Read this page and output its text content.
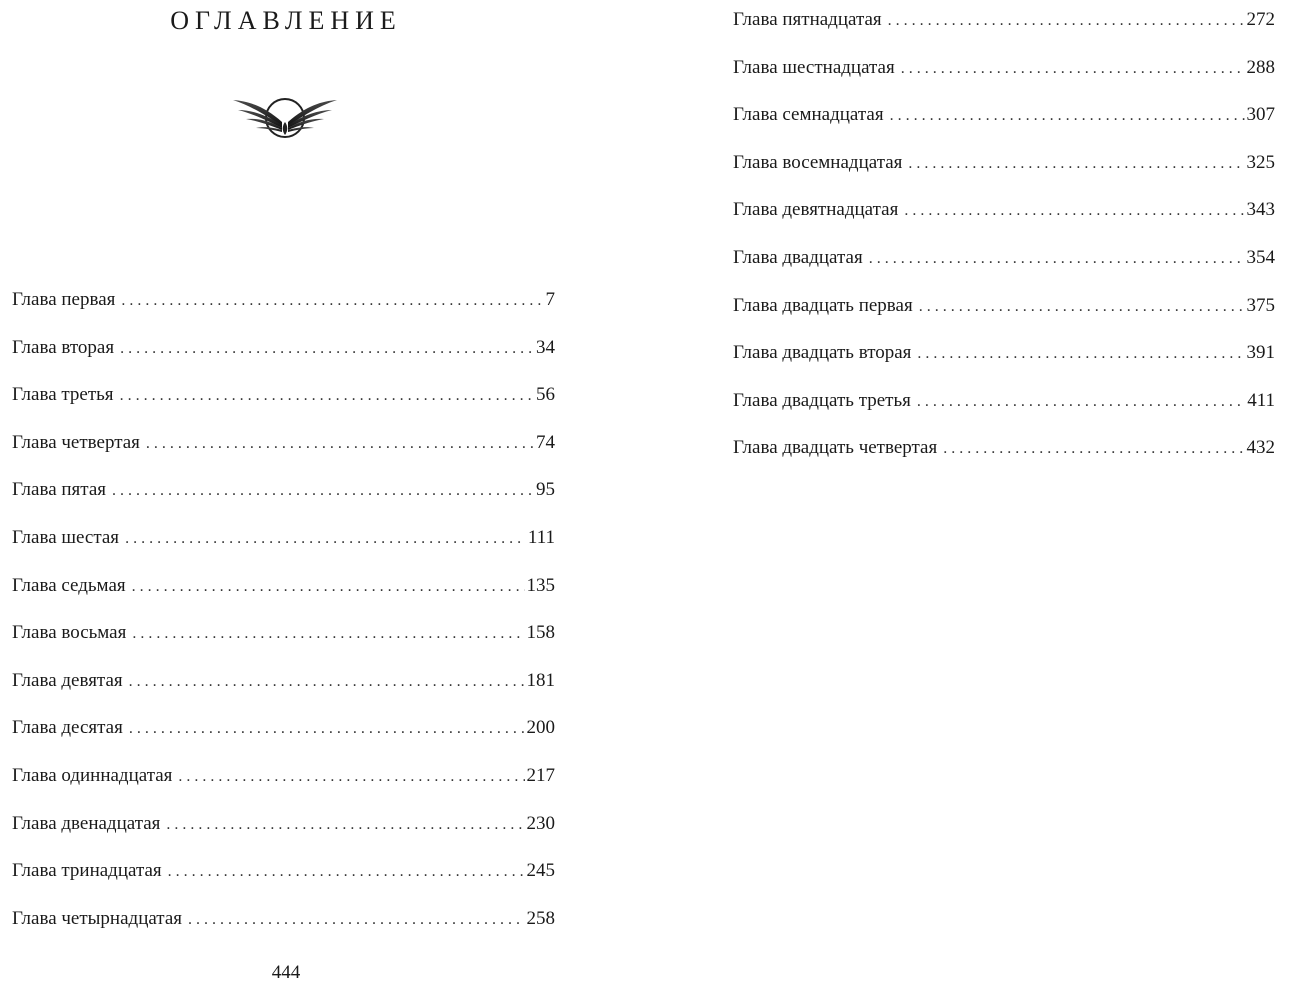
ОГЛАВЛЕНИЕ
Глава первая . . .	7
Глава вторая . . .	34
Глава третья . . .	56
Глава четвертая . . .	74
Глава пятая . . .	95
Глава шестая . . .	111
Глава седьмая . . .	135
Глава восьмая . . .	158
Глава девятая . . .	181
Глава десятая . . .	200
Глава одиннадцатая . . .	217
Глава двенадцатая . . .	230
Глава тринадцатая . . .	245
Глава четырнадцатая . . .	258
444
Глава пятнадцатая . . .	272
Глава шестнадцатая . . .	288
Глава семнадцатая . . .	307
Глава восемнадцатая . . .	325
Глава девятнадцатая . . .	343
Глава двадцатая . . .	354
Глава двадцать первая . . .	375
Глава двадцать вторая . . .	391
Глава двадцать третья . . .	411
Глава двадцать четвертая . . .	432
